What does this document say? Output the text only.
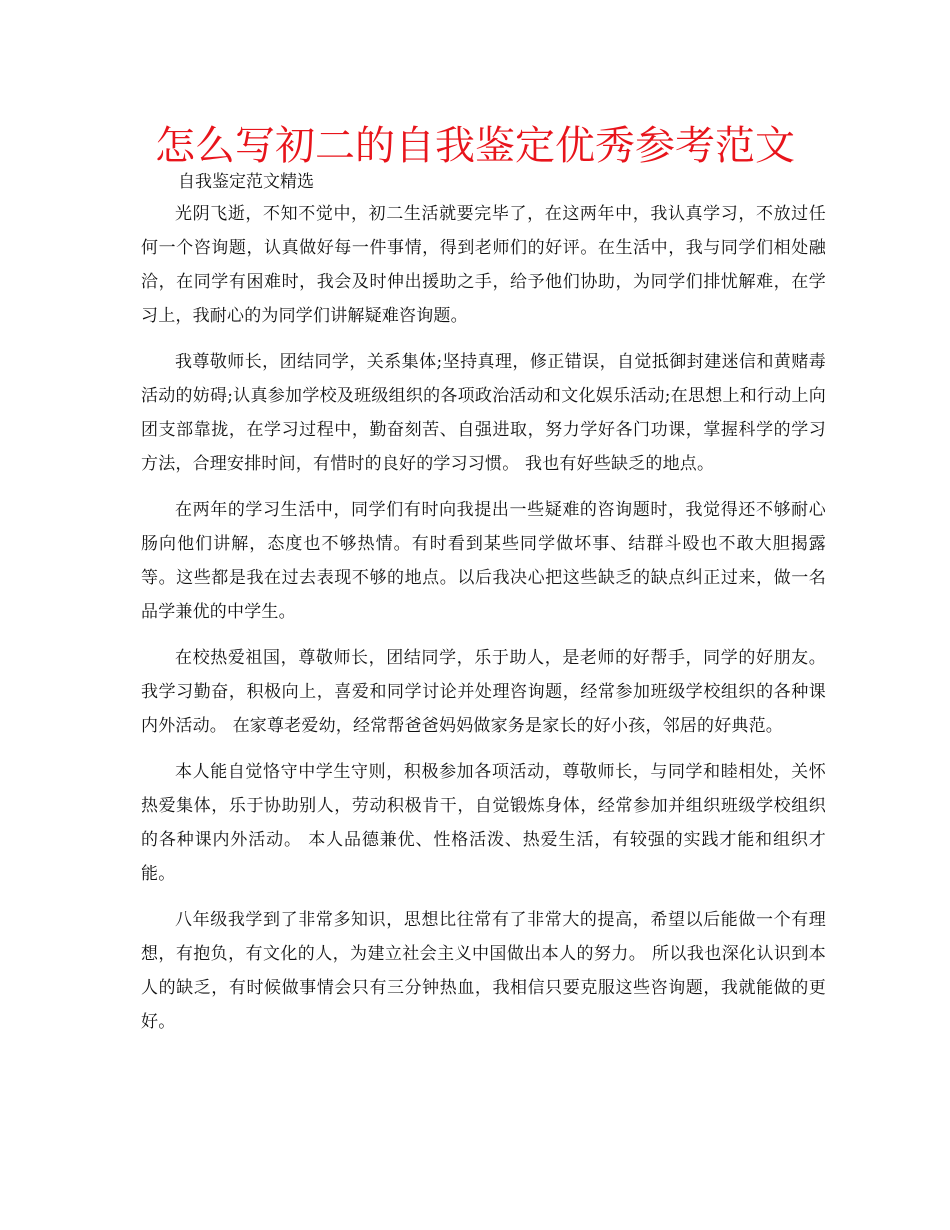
怎么写初二的自我鉴定优秀参考范文

自我鉴定范文精选

光阴飞逝，不知不觉中，初二生活就要完毕了，在这两年中，我认真学习，不放过任何一个咨询题，认真做好每一件事情，得到老师们的好评。在生活中，我与同学们相处融洽，在同学有困难时，我会及时伸出援助之手，给予他们协助，为同学们排忧解难，在学习上，我耐心的为同学们讲解疑难咨询题。

我尊敬师长，团结同学，关系集体;坚持真理，修正错误，自觉抵御封建迷信和黄赌毒活动的妨碍;认真参加学校及班级组织的各项政治活动和文化娱乐活动;在思想上和行动上向团支部靠拢，在学习过程中，勤奋刻苦、自强进取，努力学好各门功课，掌握科学的学习方法，合理安排时间，有惜时的良好的学习习惯。 我也有好些缺乏的地点。

在两年的学习生活中，同学们有时向我提出一些疑难的咨询题时，我觉得还不够耐心肠向他们讲解，态度也不够热情。有时看到某些同学做坏事、结群斗殴也不敢大胆揭露等。这些都是我在过去表现不够的地点。以后我决心把这些缺乏的缺点纠正过来，做一名品学兼优的中学生。

在校热爱祖国，尊敬师长，团结同学，乐于助人，是老师的好帮手，同学的好朋友。我学习勤奋，积极向上，喜爱和同学讨论并处理咨询题，经常参加班级学校组织的各种课内外活动。 在家尊老爱幼，经常帮爸爸妈妈做家务是家长的好小孩，邻居的好典范。

本人能自觉恪守中学生守则，积极参加各项活动，尊敬师长，与同学和睦相处，关怀热爱集体，乐于协助别人，劳动积极肯干，自觉锻炼身体，经常参加并组织班级学校组织的各种课内外活动。 本人品德兼优、性格活泼、热爱生活，有较强的实践才能和组织才能。

八年级我学到了非常多知识，思想比往常有了非常大的提高，希望以后能做一个有理想，有抱负，有文化的人，为建立社会主义中国做出本人的努力。 所以我也深化认识到本人的缺乏，有时候做事情会只有三分钟热血，我相信只要克服这些咨询题，我就能做的更好。
